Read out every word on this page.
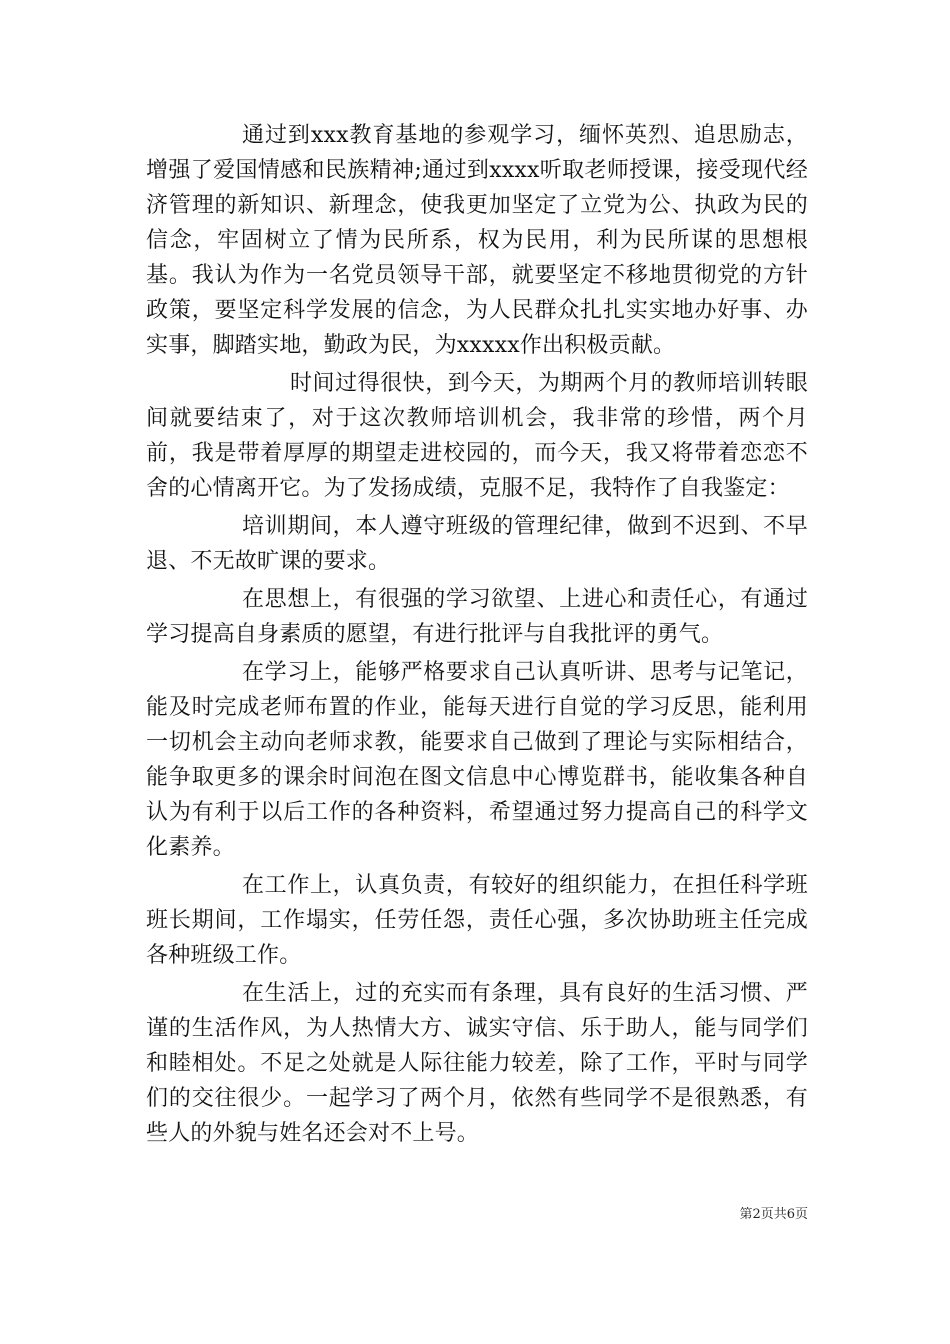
通过到xxx教育基地的参观学习，缅怀英烈、追思励志，增强了爱国情感和民族精神;通过到xxxx听取老师授课，接受现代经济管理的新知识、新理念，使我更加坚定了立党为公、执政为民的信念，牢固树立了情为民所系，权为民用，利为民所谋的思想根基。我认为作为一名党员领导干部，就要坚定不移地贯彻党的方针政策，要坚定科学发展的信念，为人民群众扎扎实实地办好事、办实事，脚踏实地，勤政为民，为xxxxx作出积极贡献。

时间过得很快，到今天，为期两个月的教师培训转眼间就要结束了，对于这次教师培训机会，我非常的珍惜，两个月前，我是带着厚厚的期望走进校园的，而今天，我又将带着恋恋不舍的心情离开它。为了发扬成绩，克服不足，我特作了自我鉴定：

培训期间，本人遵守班级的管理纪律，做到不迟到、不早退、不无故旷课的要求。

在思想上，有很强的学习欲望、上进心和责任心，有通过学习提高自身素质的愿望，有进行批评与自我批评的勇气。

在学习上，能够严格要求自己认真听讲、思考与记笔记，能及时完成老师布置的作业，能每天进行自觉的学习反思，能利用一切机会主动向老师求教，能要求自己做到了理论与实际相结合，能争取更多的课余时间泡在图文信息中心博览群书，能收集各种自认为有利于以后工作的各种资料，希望通过努力提高自己的科学文化素养。

在工作上，认真负责，有较好的组织能力，在担任科学班班长期间，工作塌实，任劳任怨，责任心强，多次协助班主任完成各种班级工作。

在生活上，过的充实而有条理，具有良好的生活习惯、严谨的生活作风，为人热情大方、诚实守信、乐于助人，能与同学们和睦相处。不足之处就是人际往能力较差，除了工作，平时与同学们的交往很少。一起学习了两个月，依然有些同学不是很熟悉，有些人的外貌与姓名还会对不上号。

第2页共6页
